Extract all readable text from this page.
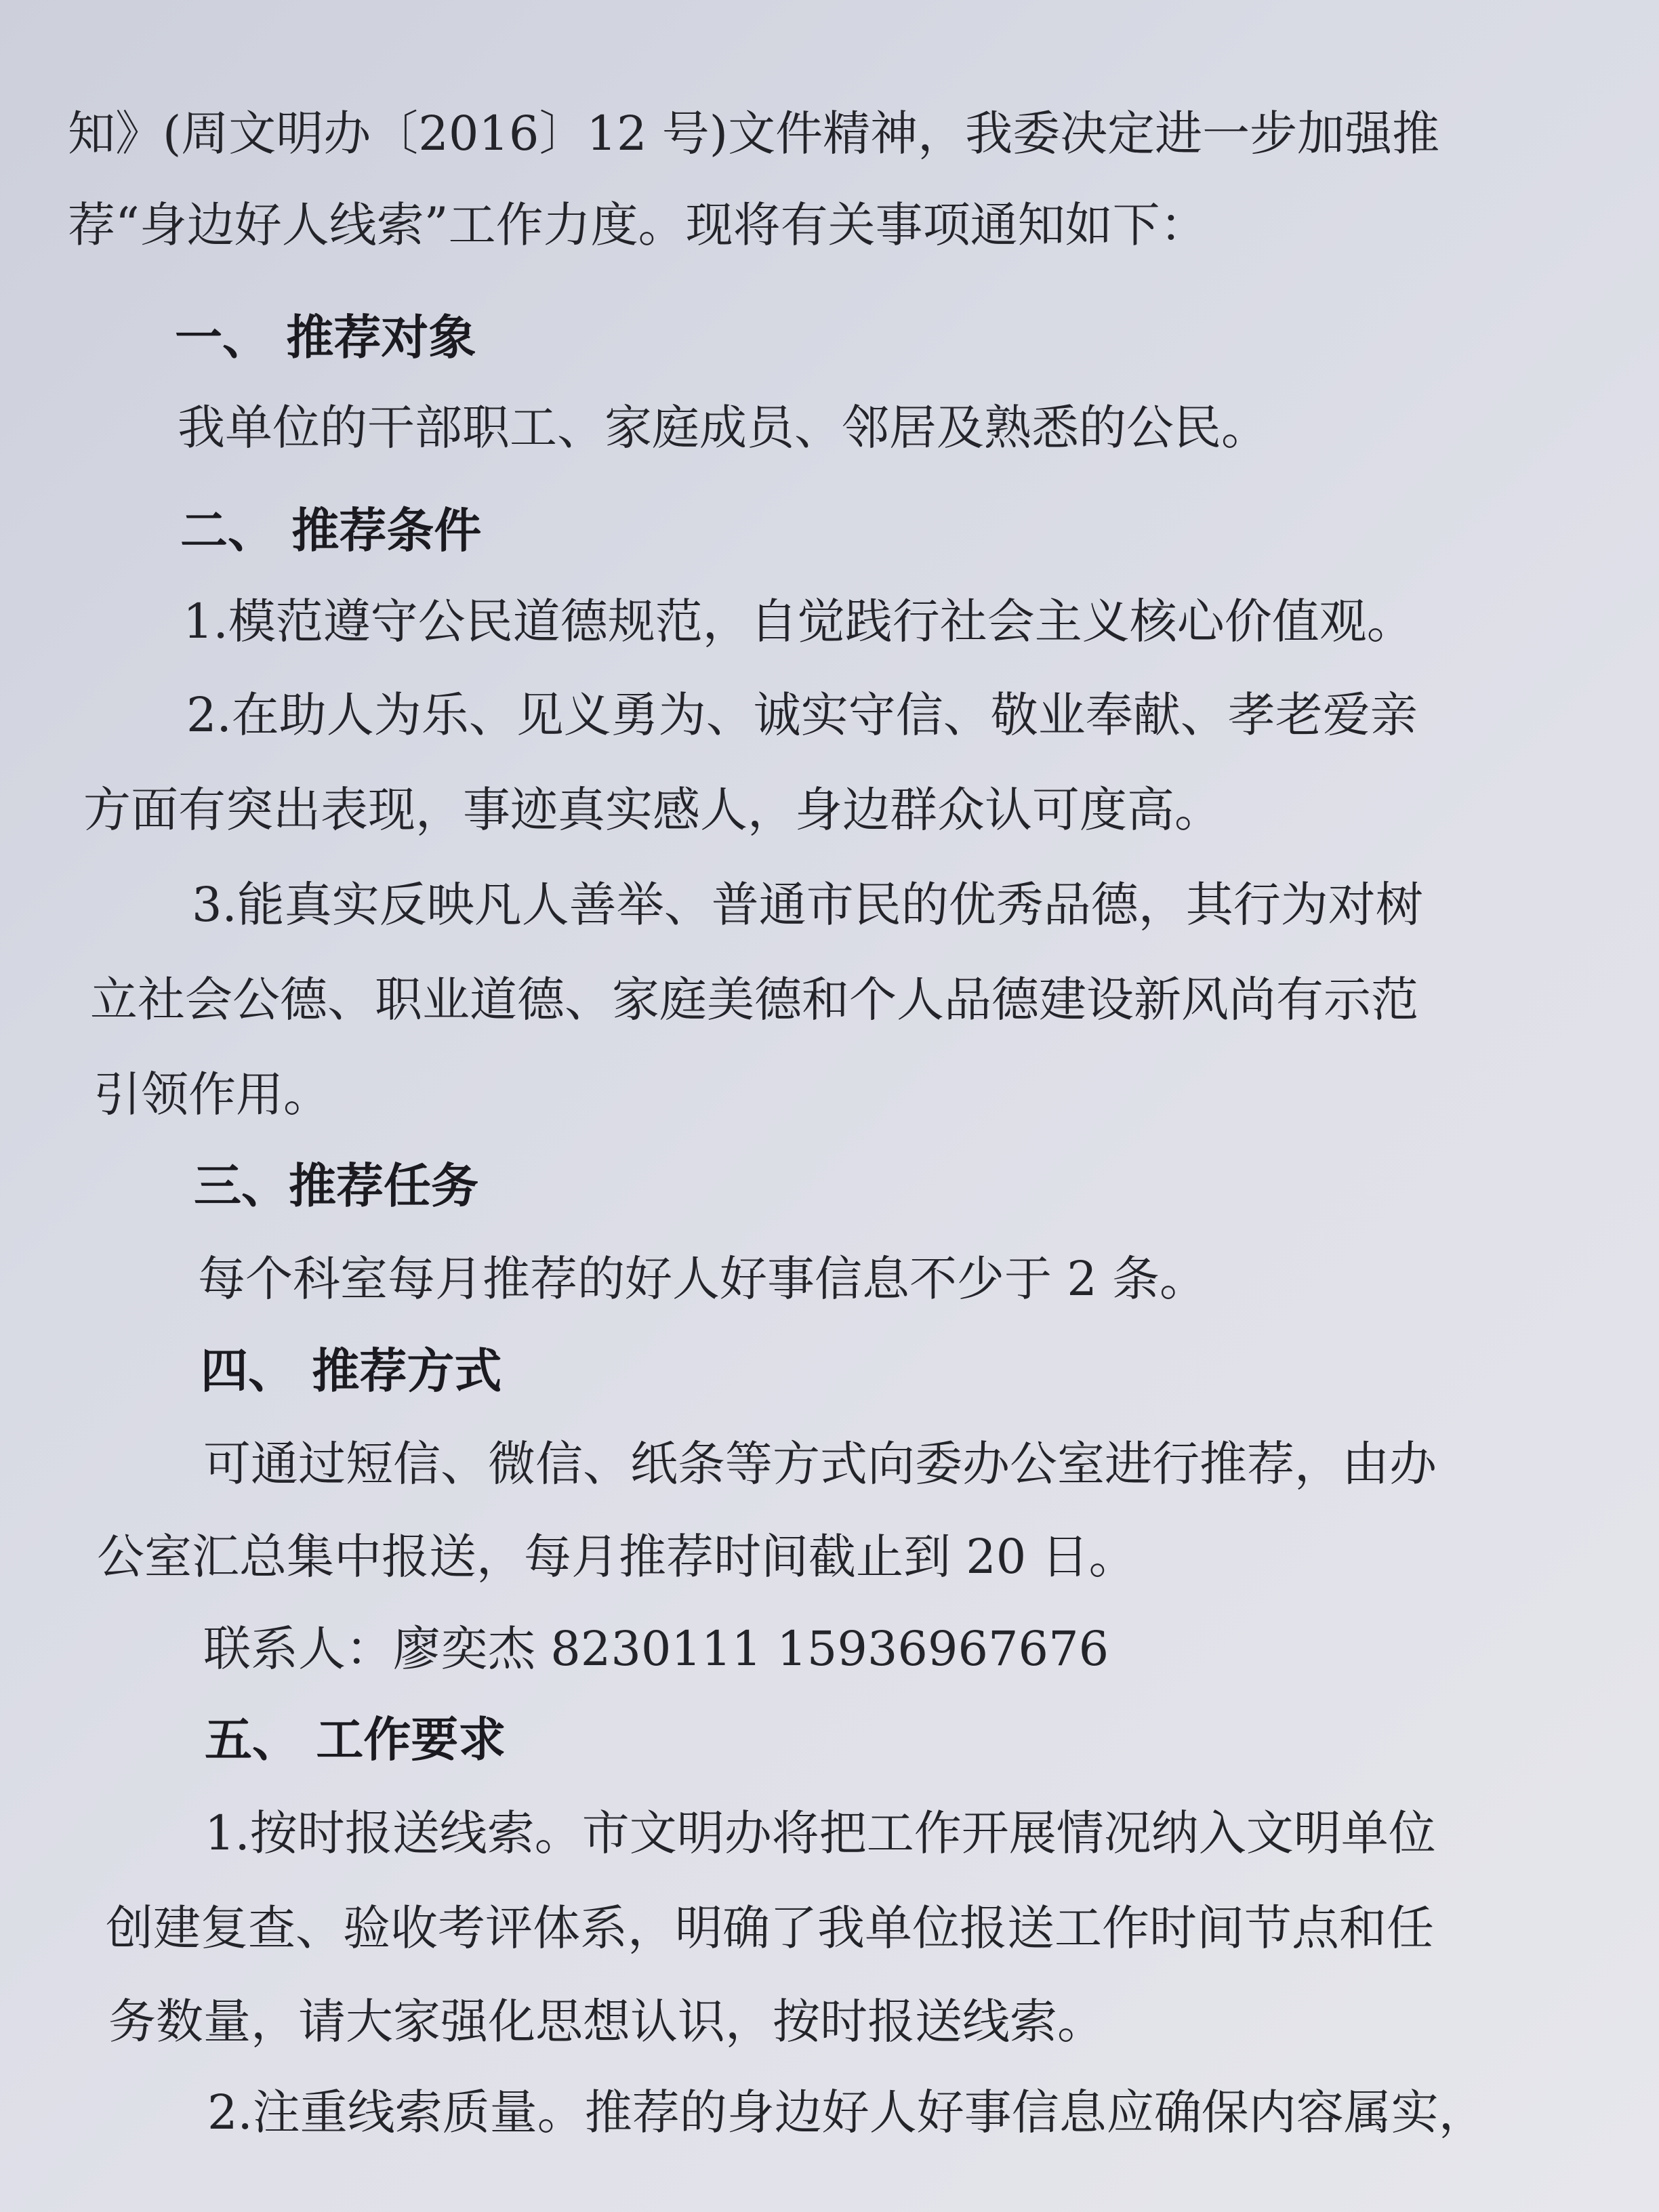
知》(周文明办〔2016〕12 号)文件精神，我委决定进一步加强推
荐“身边好人线索”工作力度。现将有关事项通知如下：
一、 推荐对象
我单位的干部职工、家庭成员、邻居及熟悉的公民。
二、 推荐条件
1.模范遵守公民道德规范，自觉践行社会主义核心价值观。
2.在助人为乐、见义勇为、诚实守信、敬业奉献、孝老爱亲
方面有突出表现，事迹真实感人，身边群众认可度高。
3.能真实反映凡人善举、普通市民的优秀品德，其行为对树
立社会公德、职业道德、家庭美德和个人品德建设新风尚有示范
引领作用。
三、推荐任务
每个科室每月推荐的好人好事信息不少于 2 条。
四、 推荐方式
可通过短信、微信、纸条等方式向委办公室进行推荐，由办
公室汇总集中报送，每月推荐时间截止到 20 日。
联系人：廖奕杰 8230111 15936967676
五、 工作要求
1.按时报送线索。市文明办将把工作开展情况纳入文明单位
创建复查、验收考评体系，明确了我单位报送工作时间节点和任
务数量，请大家强化思想认识，按时报送线索。
2.注重线索质量。推荐的身边好人好事信息应确保内容属实，
